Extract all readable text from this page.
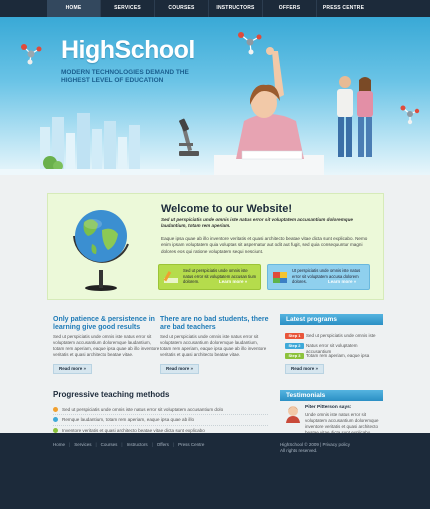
HOME	SERVICES	COURSES	INSTRUCTORS	OFFERS	PRESS CENTRE
HighSchool
MODERN TECHNOLOGIES DEMAND THE HIGHEST LEVEL OF EDUCATION
Welcome to our Website!
Sed ut perspiciatis unde omnis iste natus error sit voluptatem accusantium doloremque laudantium, totam rem aperiam.
Eaque ipsa quae ab illo inventore veritatis et quasi architecto beatae vitae dicta sunt explicabo. Nemo enim ipsam voluptatem quia voluptas sit aspernatur aut odit aut fugit, sed quia consequuntur magni dolores eos qui ratione voluptatem sequi nesciunt.
Sed ut perspiciatis unde omnis iste natus error sit voluptatem accusan tium dolorem.	Learn more »
Ut perspiciatis unde omnis iste natus error sit voluptatem accusa dolorem dolores.	Learn more »
Only patience & persistence in learning give good results
Sed ut perspiciatis unde omnis iste natus error sit voluptatem accusantium doloremque laudantium, totam rem aperiam, eaque ipsa quae ab illo inventore veritatis et quasi architecto beatae vitae.
Read more »
There are no bad students, there are bad teachers
Sed ut perspiciatis unde omnis iste natus error sit voluptatem accusantium doloremque laudantium, totam rem aperiam, eaque ipsa quae ab illo inventore veritatis et quasi architecto beatae vitae.
Read more »
Progressive teaching methods
Sed ut perspiciatis unde omnis iste natus error sit voluptatem accusantium dolo
Remque laudantium, totam rem aperiam, eaque ipsa quae ab illo
Inventore veritatis et quasi architecto beatae vitae dicta sunt explicabo
Latest programs
Step 1	Sed ut perspiciatis unde omnis iste
Step 2	Natus error sit voluptatem accusantium
Step 3	Totam rem aperiam, eaque ipsa
Read more »
Testimonials
Piter Pitterson says:
Unde omnis iste natus error sit voluptatem accusantium doloremque inventore veritatis et quasi architecto
Home | Services | Courses | Instructors | Offers | Press Centre	HighSchool © 2009 | Privacy policy
All rights reserved.
